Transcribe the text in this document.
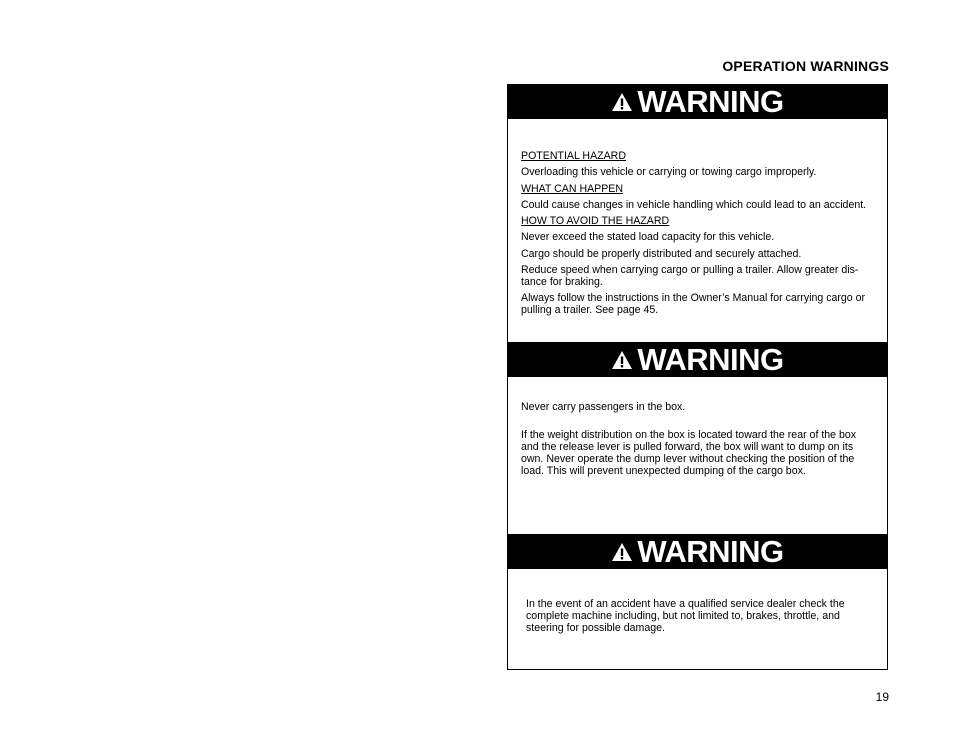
OPERATION WARNINGS
WARNING

POTENTIAL HAZARD

Overloading this vehicle or carrying or towing cargo improperly.

WHAT CAN HAPPEN

Could cause changes in vehicle handling which could lead to an accident.

HOW TO AVOID THE HAZARD

Never exceed the stated load capacity for this vehicle.

Cargo should be properly distributed and securely attached.

Reduce speed when carrying cargo or pulling a trailer. Allow greater dis-tance for braking.

Always follow the instructions in the Owner’s Manual for carrying cargo or pulling a trailer. See page 45.

WARNING

Never carry passengers in the box.

If the weight distribution on the box is located toward the rear of the box and the release lever is pulled forward, the box will want to dump on its own. Never operate the dump lever without checking the position of the load. This will prevent unexpected dumping of the cargo box.

WARNING

In the event of an accident have a qualified service dealer check the complete machine including, but not limited to, brakes, throttle, and steering for possible damage.

19
